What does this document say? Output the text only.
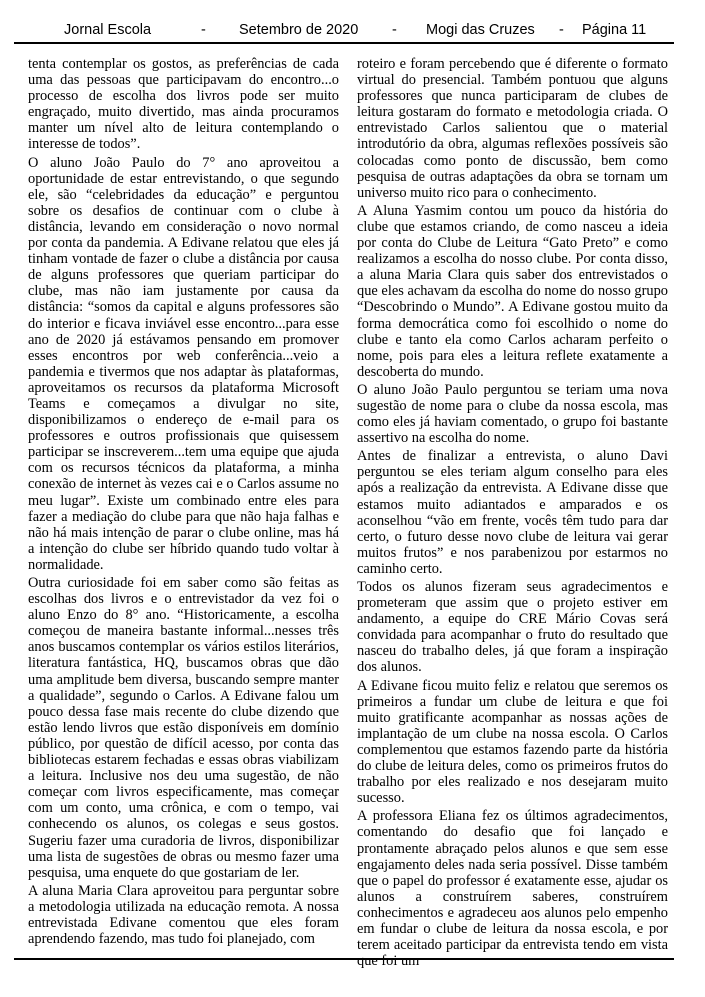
Jornal Escola	- Setembro de 2020 - Mogi das Cruzes - Página 11

tenta contemplar os gostos, as preferências de cada uma das pessoas que participavam do encontro...o processo de escolha dos livros pode ser muito engraçado, muito divertido, mas ainda procuramos manter um nível alto de leitura contemplando o interesse de todos”.

O aluno João Paulo do 7° ano aproveitou a oportunidade de estar entrevistando, o que segundo ele, são “celebridades da educação” e perguntou sobre os desafios de continuar com o clube à distância, levando em consideração o novo normal por conta da pandemia. A Edivane relatou que eles já tinham vontade de fazer o clube a distância por causa de alguns professores que queriam participar do clube, mas não iam justamente por causa da distância: “somos da capital e alguns professores são do interior e ficava inviável esse encontro...para esse ano de 2020 já estávamos pensando em promover esses encontros por web conferência...veio a pandemia e tivermos que nos adaptar às plataformas, aproveitamos os recursos da plataforma Microsoft Teams e começamos a divulgar no site, disponibilizamos o endereço de e-mail para os professores e outros profissionais que quisessem participar se inscreverem...tem uma equipe que ajuda com os recursos técnicos da plataforma, a minha conexão de internet às vezes cai e o Carlos assume no meu lugar”. Existe um combinado entre eles para fazer a mediação do clube para que não haja falhas e não há mais intenção de parar o clube online, mas há a intenção do clube ser híbrido quando tudo voltar à normalidade.

Outra curiosidade foi em saber como são feitas as escolhas dos livros e o entrevistador da vez foi o aluno Enzo do 8° ano. “Historicamente, a escolha começou de maneira bastante informal...nesses três anos buscamos contemplar os vários estilos literários, literatura fantástica, HQ, buscamos obras que dão uma amplitude bem diversa, buscando sempre manter a qualidade”, segundo o Carlos. A Edivane falou um pouco dessa fase mais recente do clube dizendo que estão lendo livros que estão disponíveis em domínio público, por questão de difícil acesso, por conta das bibliotecas estarem fechadas e essas obras viabilizam a leitura. Inclusive nos deu uma sugestão, de não começar com livros especificamente, mas começar com um conto, uma crônica, e com o tempo, vai conhecendo os alunos, os colegas e seus gostos. Sugeriu fazer uma curadoria de livros, disponibilizar uma lista de sugestões de obras ou mesmo fazer uma pesquisa, uma enquete do que gostariam de ler.

A aluna Maria Clara aproveitou para perguntar sobre a metodologia utilizada na educação remota. A nossa entrevistada Edivane comentou que eles foram aprendendo fazendo, mas tudo foi planejado, com

roteiro e foram percebendo que é diferente o formato virtual do presencial. Também pontuou que alguns professores que nunca participaram de clubes de leitura gostaram do formato e metodologia criada. O entrevistado Carlos salientou que o material introdutório da obra, algumas reflexões possíveis são colocadas como ponto de discussão, bem como pesquisa de outras adaptações da obra se tornam um universo muito rico para o conhecimento.

A Aluna Yasmim contou um pouco da história do clube que estamos criando, de como nasceu a ideia por conta do Clube de Leitura “Gato Preto” e como realizamos a escolha do nosso clube. Por conta disso, a aluna Maria Clara quis saber dos entrevistados o que eles achavam da escolha do nome do nosso grupo “Descobrindo o Mundo”. A Edivane gostou muito da forma democrática como foi escolhido o nome do clube e tanto ela como Carlos acharam perfeito o nome, pois para eles a leitura reflete exatamente a descoberta do mundo.

O aluno João Paulo perguntou se teriam uma nova sugestão de nome para o clube da nossa escola, mas como eles já haviam comentado, o grupo foi bastante assertivo na escolha do nome.

Antes de finalizar a entrevista, o aluno Davi perguntou se eles teriam algum conselho para eles após a realização da entrevista. A Edivane disse que estamos muito adiantados e amparados e os aconselhou “vão em frente, vocês têm tudo para dar certo, o futuro desse novo clube de leitura vai gerar muitos frutos” e nos parabenizou por estarmos no caminho certo.

Todos os alunos fizeram seus agradecimentos e prometeram que assim que o projeto estiver em andamento, a equipe do CRE Mário Covas será convidada para acompanhar o fruto do resultado que nasceu do trabalho deles, já que foram a inspiração dos alunos.

A Edivane ficou muito feliz e relatou que seremos os primeiros a fundar um clube de leitura e que foi muito gratificante acompanhar as nossas ações de implantação de um clube na nossa escola. O Carlos complementou que estamos fazendo parte da história do clube de leitura deles, como os primeiros frutos do trabalho por eles realizado e nos desejaram muito sucesso.

A professora Eliana fez os últimos agradecimentos, comentando do desafio que foi lançado e prontamente abraçado pelos alunos e que sem esse engajamento deles nada seria possível. Disse também que o papel do professor é exatamente esse, ajudar os alunos a construírem saberes, construírem conhecimentos e agradeceu aos alunos pelo empenho em fundar o clube de leitura da nossa escola, e por terem aceitado participar da entrevista tendo em vista que foi um
